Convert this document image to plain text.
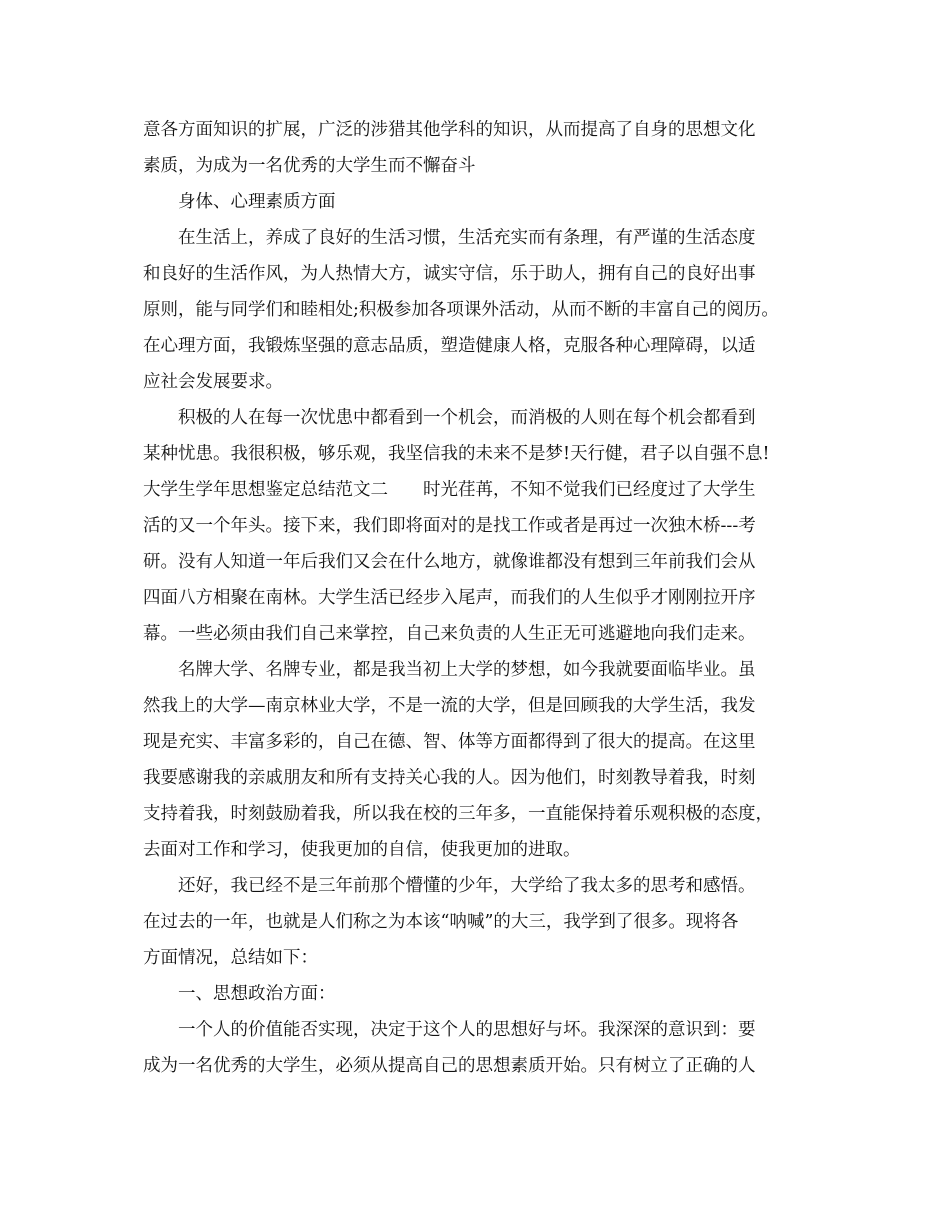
意各方面知识的扩展，广泛的涉猎其他学科的知识，从而提高了自身的思想文化
素质，为成为一名优秀的大学生而不懈奋斗
身体、心理素质方面
在生活上，养成了良好的生活习惯，生活充实而有条理，有严谨的生活态度
和良好的生活作风，为人热情大方，诚实守信，乐于助人，拥有自己的良好出事
原则，能与同学们和睦相处;积极参加各项课外活动，从而不断的丰富自己的阅历。
在心理方面，我锻炼坚强的意志品质，塑造健康人格，克服各种心理障碍，以适
应社会发展要求。
积极的人在每一次忧患中都看到一个机会，而消极的人则在每个机会都看到
某种忧患。我很积极，够乐观，我坚信我的未来不是梦!天行健，君子以自强不息!
大学生学年思想鉴定总结范文二　　时光荏苒，不知不觉我们已经度过了大学生
活的又一个年头。接下来，我们即将面对的是找工作或者是再过一次独木桥---考
研。没有人知道一年后我们又会在什么地方，就像谁都没有想到三年前我们会从
四面八方相聚在南林。大学生活已经步入尾声，而我们的人生似乎才刚刚拉开序
幕。一些必须由我们自己来掌控，自己来负责的人生正无可逃避地向我们走来。
名牌大学、名牌专业，都是我当初上大学的梦想，如今我就要面临毕业。虽
然我上的大学—南京林业大学，不是一流的大学，但是回顾我的大学生活，我发
现是充实、丰富多彩的，自己在德、智、体等方面都得到了很大的提高。在这里
我要感谢我的亲戚朋友和所有支持关心我的人。因为他们，时刻教导着我，时刻
支持着我，时刻鼓励着我，所以我在校的三年多，一直能保持着乐观积极的态度，
去面对工作和学习，使我更加的自信，使我更加的进取。
还好，我已经不是三年前那个懵懂的少年，大学给了我太多的思考和感悟。
在过去的一年，也就是人们称之为本该“呐喊”的大三，我学到了很多。现将各
方面情况，总结如下：
一、思想政治方面：
一个人的价值能否实现，决定于这个人的思想好与坏。我深深的意识到：要
成为一名优秀的大学生，必须从提高自己的思想素质开始。只有树立了正确的人
